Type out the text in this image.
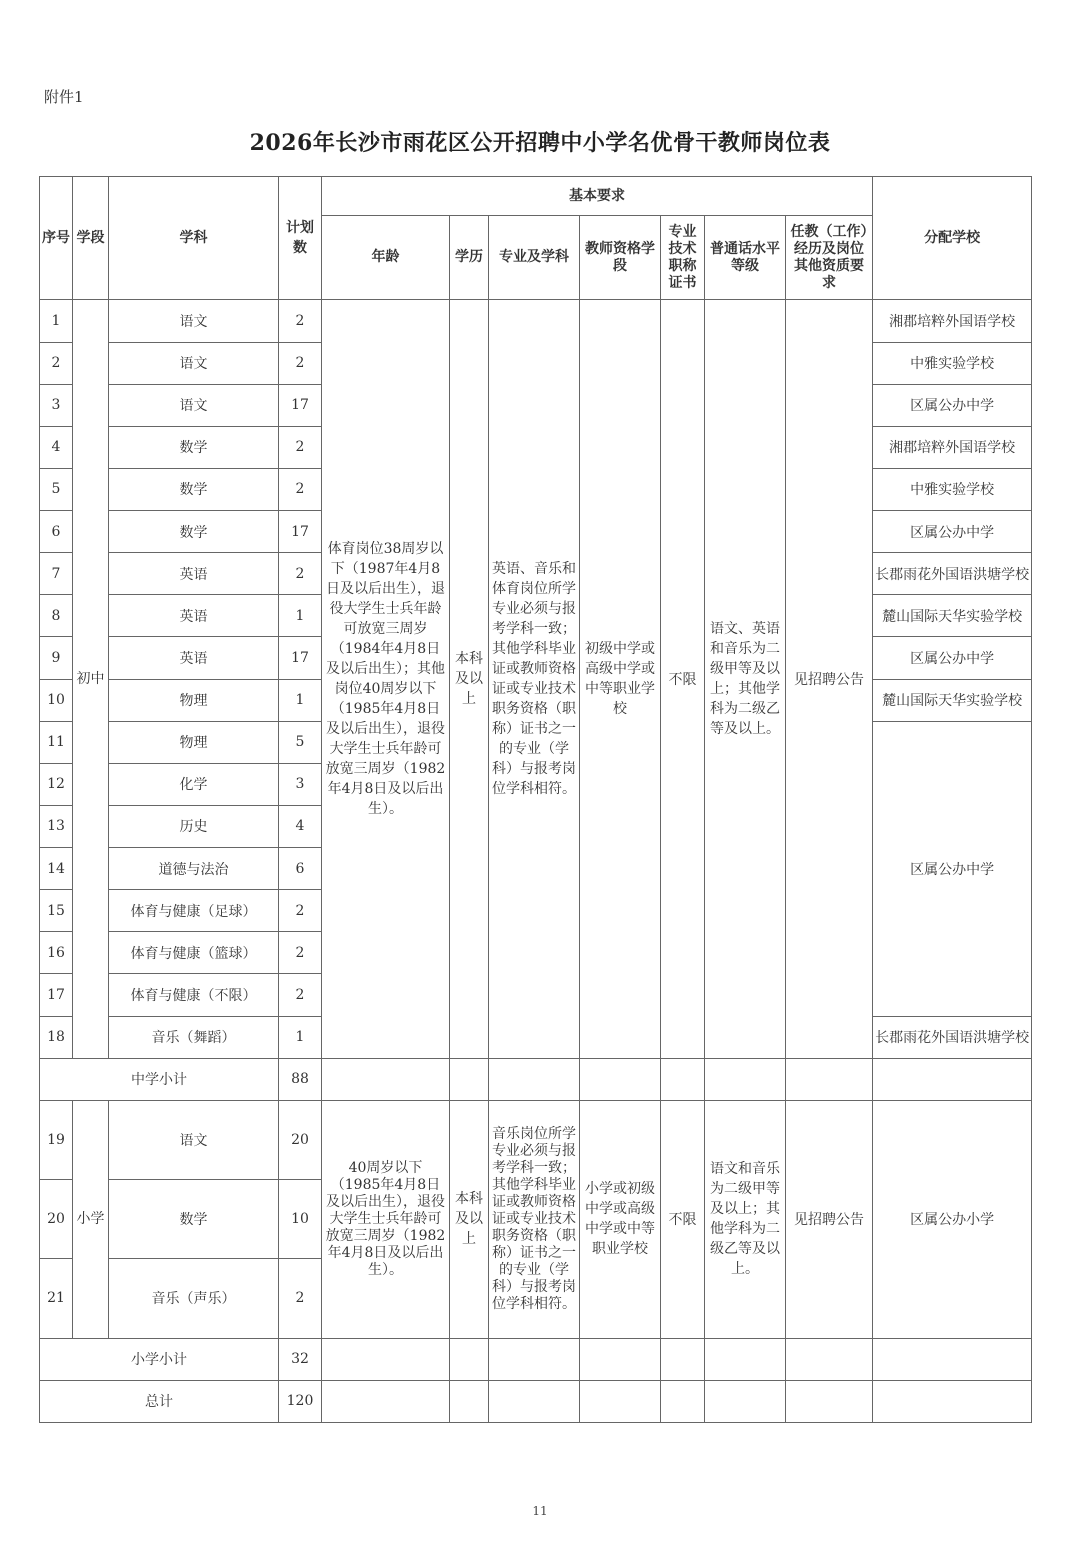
附件1
2026年长沙市雨花区公开招聘中小学名优骨干教师岗位表
序号	学段	学科	计划数	基本要求							分配学校
				年龄	学历	专业及学科	教师资格学段	专业技术职称证书	普通话水平等级	任教（工作）经历及岗位其他资质要求	
1	初中	语文	2	体育岗位38周岁以下（1987年4月8日及以后出生），退役大学生士兵年龄可放宽三周岁（1984年4月8日及以后出生）；其他岗位40周岁以下（1985年4月8日及以后出生），退役大学生士兵年龄可放宽三周岁（1982年4月8日及以后出生）。	本科及以上	英语、音乐和体育岗位所学专业必须与报考学科一致；其他学科毕业证或教师资格证或专业技术职务资格（职称）证书之一的专业（学科）与报考岗位学科相符。	初级中学或高级中学或中等职业学校	不限	语文、英语和音乐为二级甲等及以上；其他学科为二级乙等及以上。	见招聘公告	湘郡培粹外国语学校
2		语文	2								中雅实验学校
3		语文	17								区属公办中学
4		数学	2								湘郡培粹外国语学校
5		数学	2								中雅实验学校
6		数学	17								区属公办中学
7		英语	2								长郡雨花外国语洪塘学校
8		英语	1								麓山国际天华实验学校
9		英语	17								区属公办中学
10		物理	1								麓山国际天华实验学校
11		物理	5								区属公办中学
12		化学	3								
13		历史	4								
14		道德与法治	6								
15		体育与健康（足球）	2								
16		体育与健康（篮球）	2								
17		体育与健康（不限）	2								
18		音乐（舞蹈）	1								长郡雨花外国语洪塘学校
中学小计			88								
19	小学	语文	20	40周岁以下（1985年4月8日及以后出生），退役大学生士兵年龄可放宽三周岁（1982年4月8日及以后出生）。	本科及以上	音乐岗位所学专业必须与报考学科一致；其他学科毕业证或教师资格证或专业技术职务资格（职称）证书之一的专业（学科）与报考岗位学科相符。	小学或初级中学或高级中学或中等职业学校	不限	语文和音乐为二级甲等及以上；其他学科为二级乙等及以上。	见招聘公告	区属公办小学
20		数学	10								
21		音乐（声乐）	2								
小学小计			32								
总计			120								
11
